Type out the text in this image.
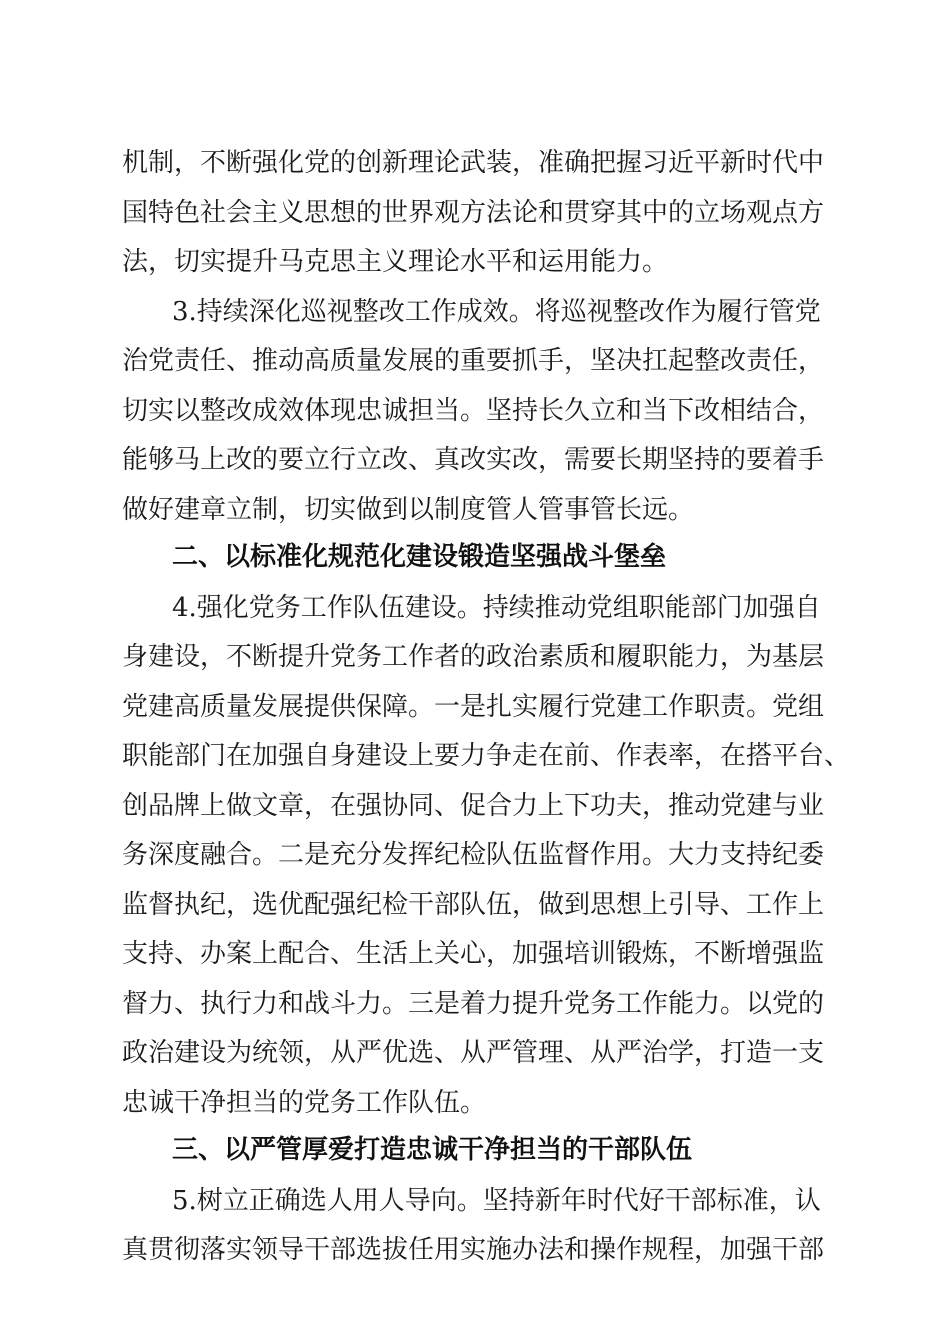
机制，不断强化党的创新理论武装，准确把握习近平新时代中
国特色社会主义思想的世界观方法论和贯穿其中的立场观点方
法，切实提升马克思主义理论水平和运用能力。
3.持续深化巡视整改工作成效。将巡视整改作为履行管党
治党责任、推动高质量发展的重要抓手，坚决扛起整改责任，
切实以整改成效体现忠诚担当。坚持长久立和当下改相结合，
能够马上改的要立行立改、真改实改，需要长期坚持的要着手
做好建章立制，切实做到以制度管人管事管长远。
二、以标准化规范化建设锻造坚强战斗堡垒
4.强化党务工作队伍建设。持续推动党组职能部门加强自
身建设，不断提升党务工作者的政治素质和履职能力，为基层
党建高质量发展提供保障。一是扎实履行党建工作职责。党组
职能部门在加强自身建设上要力争走在前、作表率，在搭平台、
创品牌上做文章，在强协同、促合力上下功夫，推动党建与业
务深度融合。二是充分发挥纪检队伍监督作用。大力支持纪委
监督执纪，选优配强纪检干部队伍，做到思想上引导、工作上
支持、办案上配合、生活上关心，加强培训锻炼，不断增强监
督力、执行力和战斗力。三是着力提升党务工作能力。以党的
政治建设为统领，从严优选、从严管理、从严治学，打造一支
忠诚干净担当的党务工作队伍。
三、以严管厚爱打造忠诚干净担当的干部队伍
5.树立正确选人用人导向。坚持新年时代好干部标准，认
真贯彻落实领导干部选拔任用实施办法和操作规程，加强干部
